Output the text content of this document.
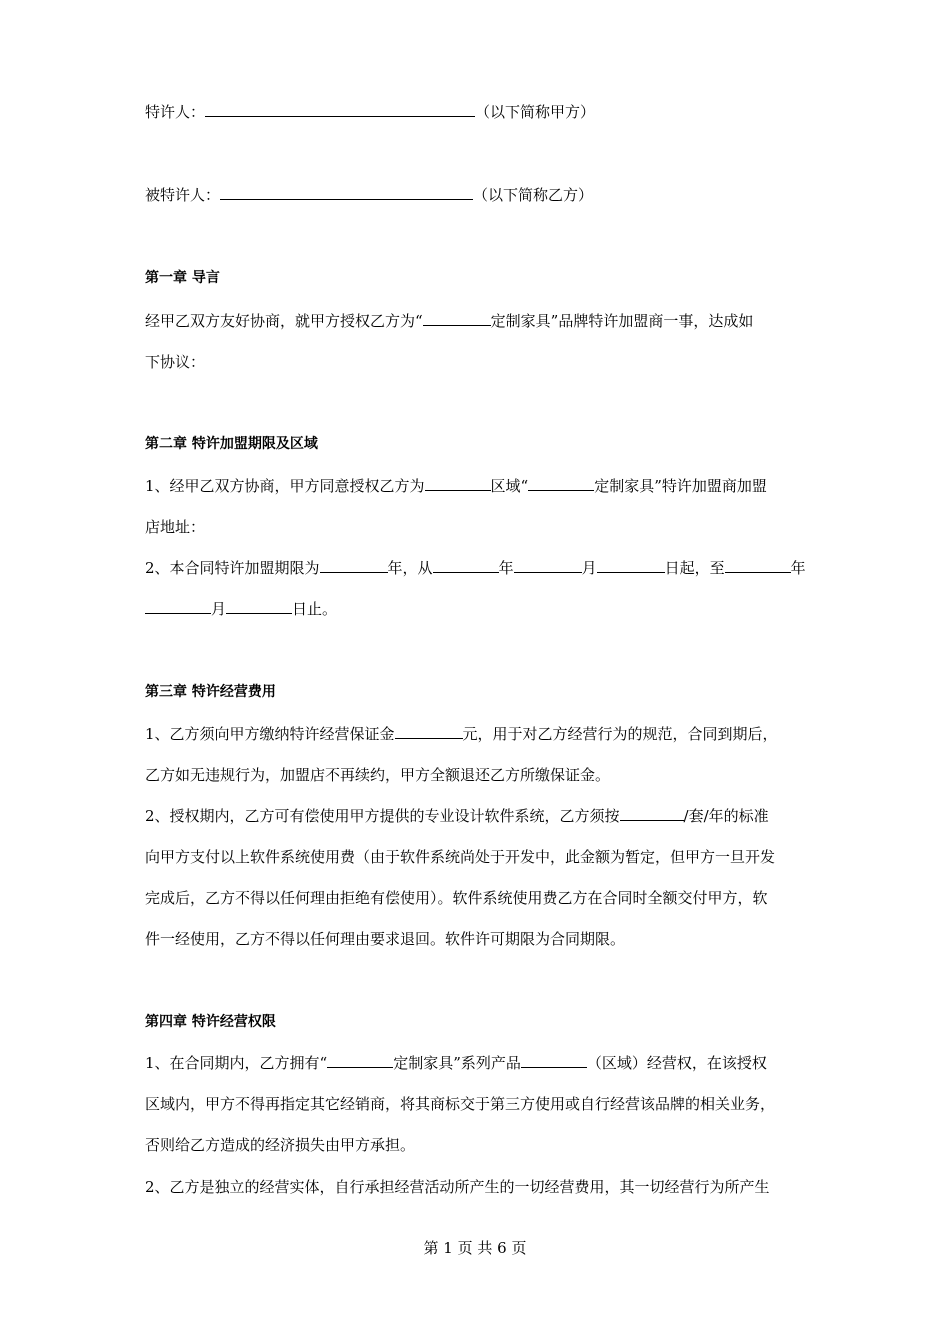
特许人：	（以下简称甲方）
被特许人：	（以下简称乙方）
第一章 导言
经甲乙双方友好协商，就甲方授权乙方为“	定制家具”品牌特许加盟商一事，达成如
下协议：
第二章 特许加盟期限及区域
1、经甲乙双方协商，甲方同意授权乙方为	区域“	定制家具”特许加盟商加盟
店地址：
2、本合同特许加盟期限为	年，从	年	月	日起，至	年
月	日止。
第三章 特许经营费用
1、乙方须向甲方缴纳特许经营保证金	元，用于对乙方经营行为的规范，合同到期后，
乙方如无违规行为，加盟店不再续约，甲方全额退还乙方所缴保证金。
2、授权期内，乙方可有偿使用甲方提供的专业设计软件系统，乙方须按	/套/年的标准
向甲方支付以上软件系统使用费（由于软件系统尚处于开发中，此金额为暂定，但甲方一旦开发
完成后，乙方不得以任何理由拒绝有偿使用）。软件系统使用费乙方在合同时全额交付甲方，软
件一经使用，乙方不得以任何理由要求退回。软件许可期限为合同期限。
第四章 特许经营权限
1、在合同期内，乙方拥有“	定制家具”系列产品	（区域）经营权，在该授权
区域内，甲方不得再指定其它经销商，将其商标交于第三方使用或自行经营该品牌的相关业务，
否则给乙方造成的经济损失由甲方承担。
2、乙方是独立的经营实体，自行承担经营活动所产生的一切经营费用，其一切经营行为所产生
第 1 页 共 6 页
